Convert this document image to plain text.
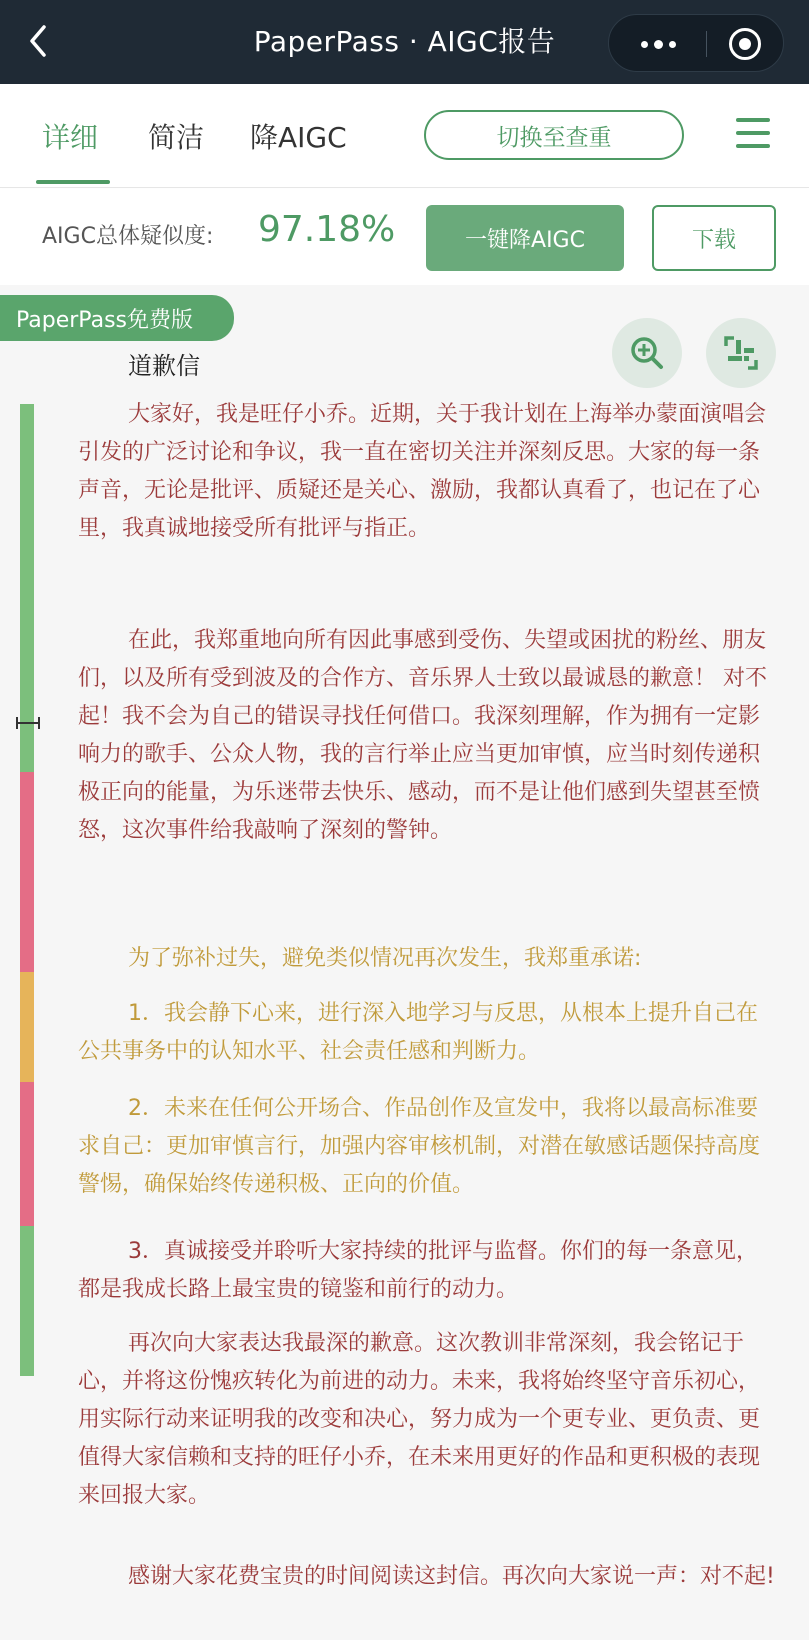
PaperPass · AIGC报告
详细 简洁 降AIGC	切换至查重
AIGC总体疑似度: 97.18%	一键降AIGC	下载
PaperPass免费版
道歉信
大家好，我是旺仔小乔。近期，关于我计划在上海举办蒙面演唱会引发的广泛讨论和争议，我一直在密切关注并深刻反思。大家的每一条声音，无论是批评、质疑还是关心、激励，我都认真看了，也记在了心里，我真诚地接受所有批评与指正。
在此，我郑重地向所有因此事感到受伤、失望或困扰的粉丝、朋友们，以及所有受到波及的合作方、音乐界人士致以最诚恳的歉意！ 对不起！我不会为自己的错误寻找任何借口。我深刻理解，作为拥有一定影响力的歌手、公众人物，我的言行举止应当更加审慎，应当时刻传递积极正向的能量，为乐迷带去快乐、感动，而不是让他们感到失望甚至愤怒，这次事件给我敲响了深刻的警钟。
为了弥补过失，避免类似情况再次发生，我郑重承诺:
1．我会静下心来，进行深入地学习与反思，从根本上提升自己在公共事务中的认知水平、社会责任感和判断力。
2．未来在任何公开场合、作品创作及宣发中，我将以最高标准要求自己：更加审慎言行，加强内容审核机制，对潜在敏感话题保持高度警惕，确保始终传递积极、正向的价值。
3．真诚接受并聆听大家持续的批评与监督。你们的每一条意见，都是我成长路上最宝贵的镜鉴和前行的动力。
再次向大家表达我最深的歉意。这次教训非常深刻，我会铭记于心，并将这份愧疚转化为前进的动力。未来，我将始终坚守音乐初心，用实际行动来证明我的改变和决心，努力成为一个更专业、更负责、更值得大家信赖和支持的旺仔小乔，在未来用更好的作品和更积极的表现来回报大家。
感谢大家花费宝贵的时间阅读这封信。再次向大家说一声：对不起!
